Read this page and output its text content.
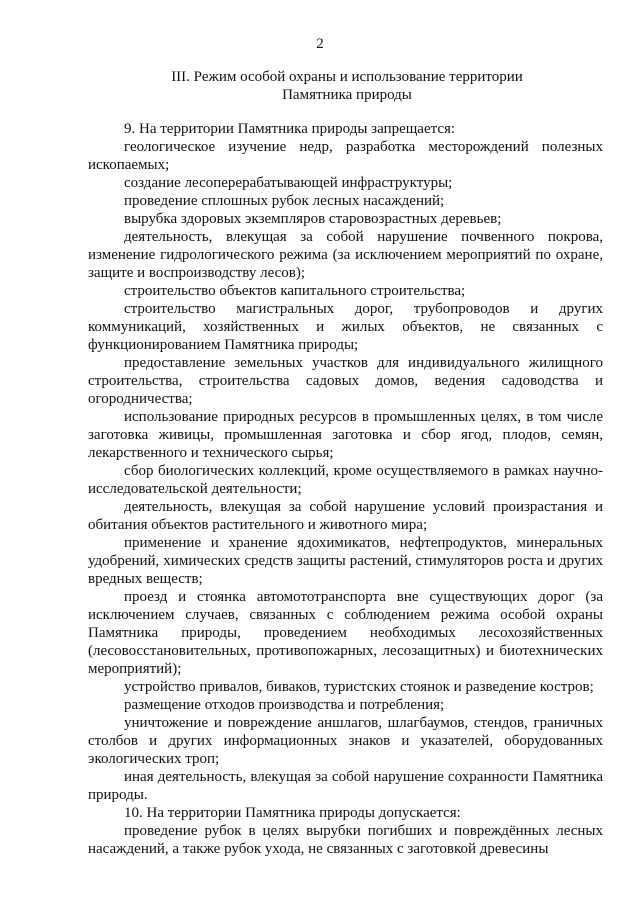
2
III. Режим особой охраны и использование территории
Памятника природы

9. На территории Памятника природы запрещается:

геологическое изучение недр, разработка месторождений полезных ископаемых;

создание лесоперерабатывающей инфраструктуры;

проведение сплошных рубок лесных насаждений;

вырубка здоровых экземпляров старовозрастных деревьев;

деятельность, влекущая за собой нарушение почвенного покрова, изменение гидрологического режима (за исключением мероприятий по охране, защите и воспроизводству лесов);

строительство объектов капитального строительства;

строительство магистральных дорог, трубопроводов и других коммуникаций, хозяйственных и жилых объектов, не связанных с функционированием Памятника природы;

предоставление земельных участков для индивидуального жилищного строительства, строительства садовых домов, ведения садоводства и огородничества;

использование природных ресурсов в промышленных целях, в том числе заготовка живицы, промышленная заготовка и сбор ягод, плодов, семян, лекарственного и технического сырья;

сбор биологических коллекций, кроме осуществляемого в рамках научно-исследовательской деятельности;

деятельность, влекущая за собой нарушение условий произрастания и обитания объектов растительного и животного мира;

применение и хранение ядохимикатов, нефтепродуктов, минеральных удобрений, химических средств защиты растений, стимуляторов роста и других вредных веществ;

проезд и стоянка автомототранспорта вне существующих дорог (за исключением случаев, связанных с соблюдением режима особой охраны Памятника природы, проведением необходимых лесохозяйственных (лесовосстановительных, противопожарных, лесозащитных) и биотехнических мероприятий);

устройство привалов, биваков, туристских стоянок и разведение костров;

размещение отходов производства и потребления;

уничтожение и повреждение аншлагов, шлагбаумов, стендов, граничных столбов и других информационных знаков и указателей, оборудованных экологических троп;

иная деятельность, влекущая за собой нарушение сохранности Памятника природы.

10. На территории Памятника природы допускается:

проведение рубок в целях вырубки погибших и повреждённых лесных насаждений, а также рубок ухода, не связанных с заготовкой древесины
